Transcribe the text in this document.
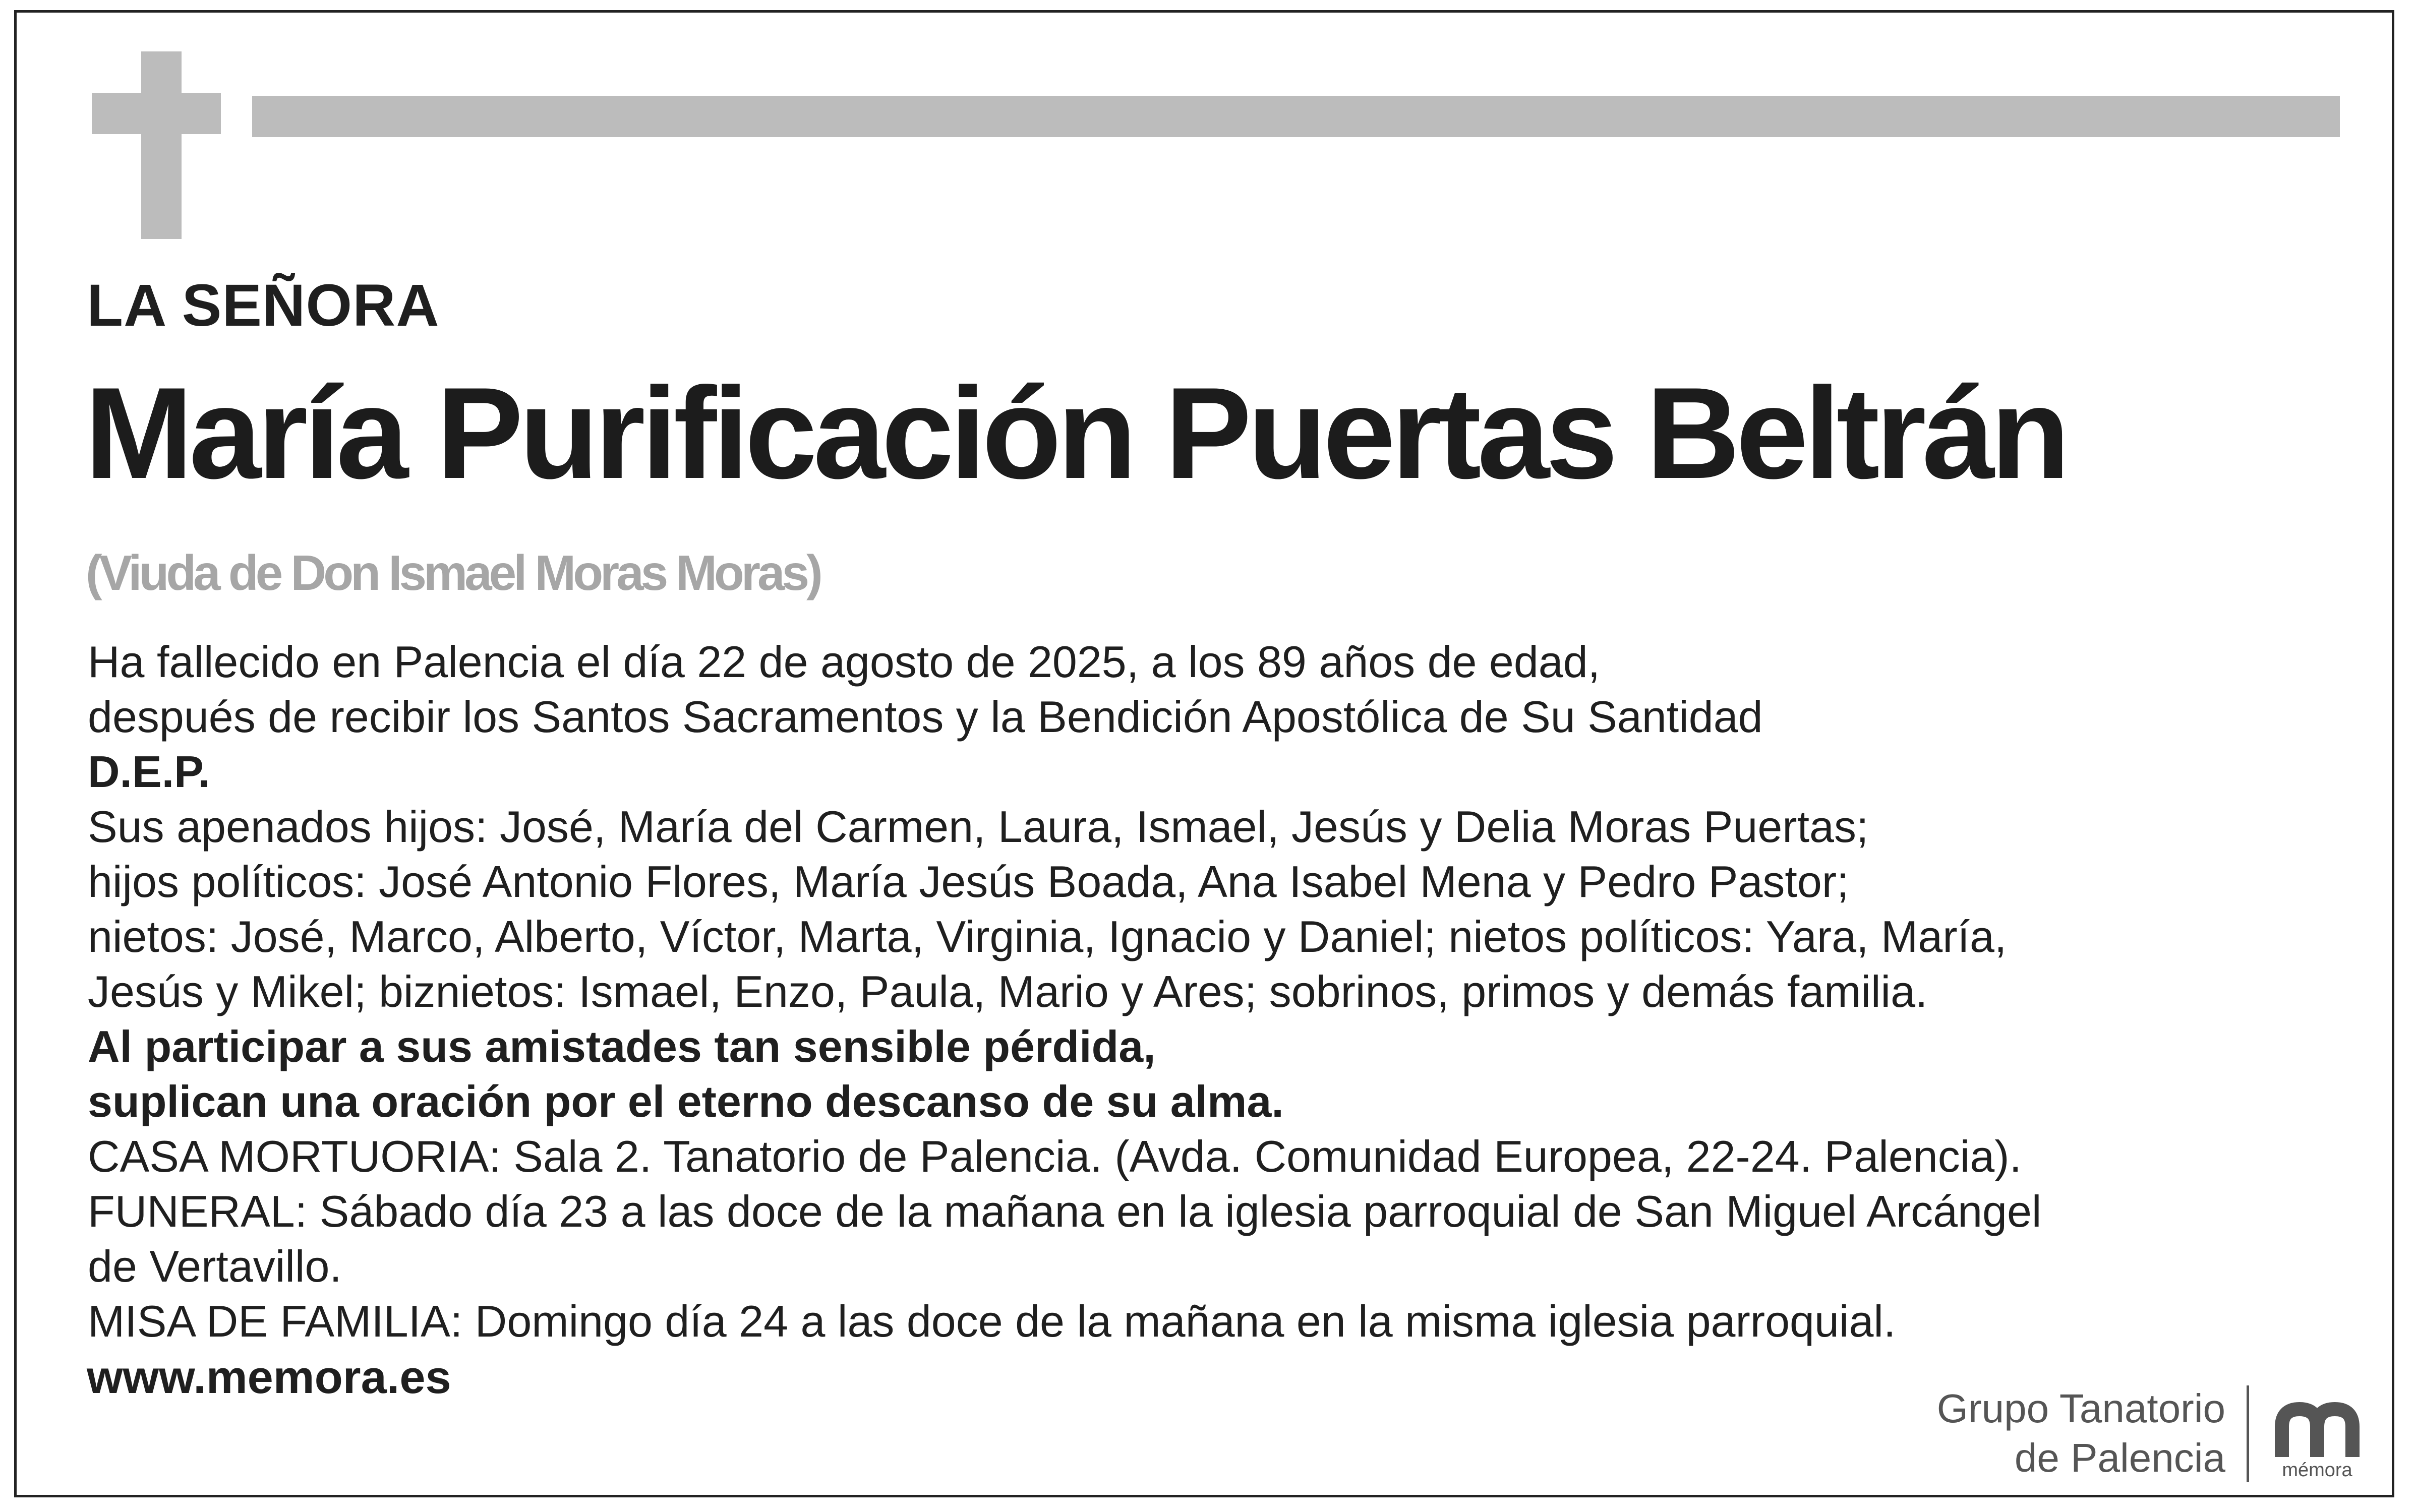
LA SEÑORA
María Purificación Puertas Beltrán
(Viuda de Don Ismael Moras Moras)
Ha fallecido en Palencia el día 22 de agosto de 2025, a los 89 años de edad,
después de recibir los Santos Sacramentos y la Bendición Apostólica de Su Santidad
D.E.P.
Sus apenados hijos: José, María del Carmen, Laura, Ismael, Jesús y Delia Moras Puertas;
hijos políticos: José Antonio Flores, María Jesús Boada, Ana Isabel Mena y Pedro Pastor;
nietos: José, Marco, Alberto, Víctor, Marta, Virginia, Ignacio y Daniel; nietos políticos: Yara, María,
Jesús y Mikel; biznietos: Ismael, Enzo, Paula, Mario y Ares; sobrinos, primos y demás familia.
Al participar a sus amistades tan sensible pérdida,
suplican una oración por el eterno descanso de su alma.
CASA MORTUORIA: Sala 2. Tanatorio de Palencia. (Avda. Comunidad Europea, 22-24. Palencia).
FUNERAL: Sábado día 23 a las doce de la mañana en la iglesia parroquial de San Miguel Arcángel
de Vertavillo.
MISA DE FAMILIA: Domingo día 24 a las doce de la mañana en la misma iglesia parroquial.
www.memora.es
Grupo Tanatorio
de Palencia	mémora
